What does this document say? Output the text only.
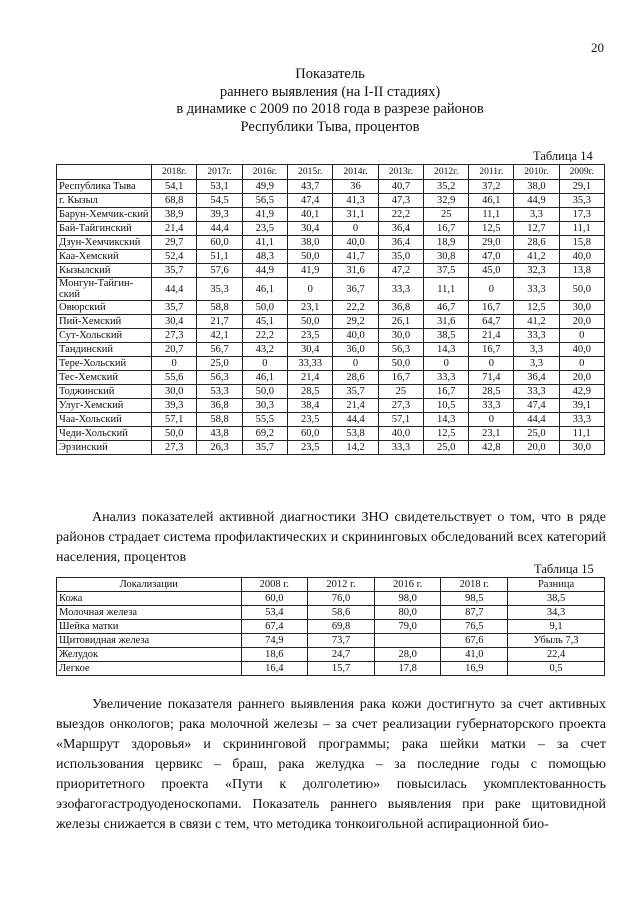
20
Показатель
раннего выявления (на I-II стадиях)
в динамике с 2009 по 2018 года в разрезе районов
Республики Тыва, процентов
Таблица 14
	2018г.	2017г.	2016г.	2015г.	2014г.	2013г.	2012г.	2011г.	2010г.	2009г.
Республика Тыва	54,1	53,1	49,9	43,7	36	40,7	35,2	37,2	38,0	29,1
г. Кызыл	68,8	54,5	56,5	47,4	41,3	47,3	32,9	46,1	44,9	35,3
Барун-Хемчик-ский	38,9	39,3	41,9	40,1	31,1	22,2	25	11,1	3,3	17,3
Бай-Тайгинский	21,4	44,4	23,5	30,4	0	36,4	16,7	12,5	12,7	11,1
Дзун-Хемчикский	29,7	60,0	41,1	38,0	40,0	36,4	18,9	29,0	28,6	15,8
Каа-Хемский	52,4	51,1	48,3	50,0	41,7	35,0	30,8	47,0	41,2	40,0
Кызылский	35,7	57,6	44,9	41,9	31,6	47,2	37,5	45,0	32,3	13,8
Монгун-Тайгин-ский	44,4	35,3	46,1	0	36,7	33,3	11,1	0	33,3	50,0
Овюрский	35,7	58,8	50,0	23,1	22,2	36,8	46,7	16,7	12,5	30,0
Пий-Хемский	30,4	21,7	45,1	50,0	29,2	26,1	31,6	64,7	41,2	20,0
Сут-Хольский	27,3	42,1	22,2	23,5	40,0	30,0	38,5	21,4	33,3	0
Тандинский	20,7	56,7	43,2	30,4	36,0	56,3	14,3	16,7	3,3	40,0
Тере-Хольский	0	25,0	0	33,33	0	50,0	0	0	3,3	0
Тес-Хемский	55,6	56,3	46,1	21,4	28,6	16,7	33,3	71,4	36,4	20,0
Тоджинский	30,0	53,3	50,0	28,5	35,7	25	16,7	28,5	33,3	42,9
Улуг-Хемский	39,3	36,8	30,3	38,4	21,4	27,3	10,5	33,3	47,4	39,1
Чаа-Хольский	57,1	58,8	55,5	23,5	44,4	57,1	14,3	0	44,4	33,3
Чеди-Хольский	50,0	43,8	69,2	60,0	53,8	40,0	12,5	23,1	25,0	11,1
Эрзинский	27,3	26,3	35,7	23,5	14,2	33,3	25,0	42,8	20,0	30,0

Анализ показателей активной диагностики ЗНО свидетельствует о том, что в ряде районов страдает система профилактических и скрининговых обследований всех категорий населения, процентов

Таблица 15
Локализации	2008 г.	2012 г.	2016 г.	2018 г.	Разница
Кожа	60,0	76,0	98,0	98,5	38,5
Молочная железа	53,4	58,6	80,0	87,7	34,3
Шейка матки	67,4	69,8	79,0	76,5	9,1
Щитовидная железа	74,9	73,7		67,6	Убыль 7,3
Желудок	18,6	24,7	28,0	41,0	22,4
Легкое	16,4	15,7	17,8	16,9	0,5

Увеличение показателя раннего выявления рака кожи достигнуто за счет активных выездов онкологов; рака молочной железы – за счет реализации губернаторского проекта «Маршрут здоровья» и скрининговой программы; рака шейки матки – за счет использования цервикс – браш, рака желудка – за последние годы с помощью приоритетного проекта «Пути к долголетию» повысилась укомплектованность эзофагогастродуоденоскопами. Показатель раннего выявления при раке щитовидной железы снижается в связи с тем, что методика тонкоигольной аспирационной био-
